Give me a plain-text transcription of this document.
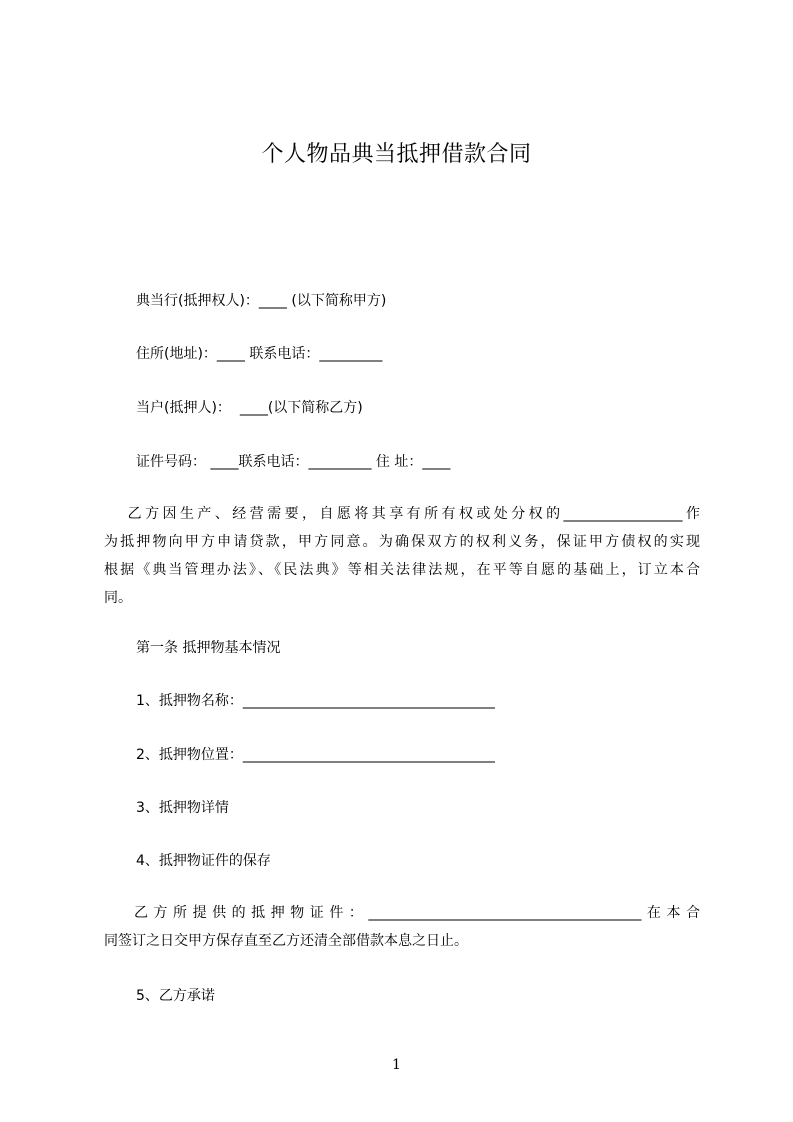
个人物品典当抵押借款合同
典当行(抵押权人)：____ (以下简称甲方)
住所(地址)：____ 联系电话：_________
当户(抵押人)：  ____(以下简称乙方)
证件号码： ____联系电话：_________ 住 址：____
乙方因生产、经营需要，自愿将其享有所有权或处分权的_________________作
为抵押物向甲方申请贷款，甲方同意。为确保双方的权利义务，保证甲方债权的实现
根据《典当管理办法》、《民法典》等相关法律法规，在平等自愿的基础上，订立本合
同。
第一条 抵押物基本情况
1、抵押物名称：____________________________________
2、抵押物位置：____________________________________
3、抵押物详情
4、抵押物证件的保存
乙方所提供的抵押物证件：_______________________________________在本合
同签订之日交甲方保存直至乙方还清全部借款本息之日止。
5、乙方承诺
1
